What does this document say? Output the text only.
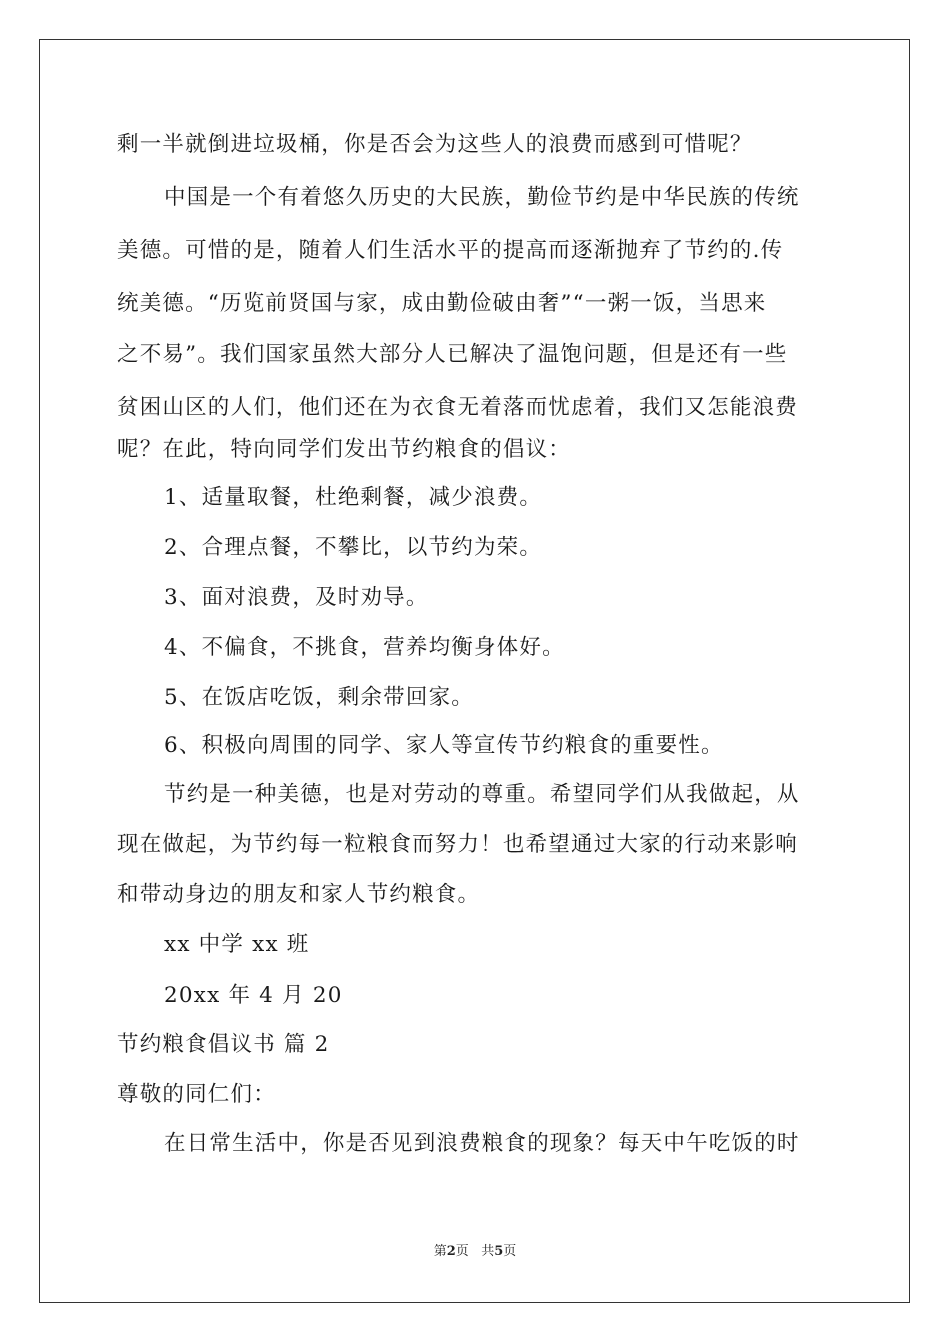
剩一半就倒进垃圾桶，你是否会为这些人的浪费而感到可惜呢？

中国是一个有着悠久历史的大民族，勤俭节约是中华民族的传统

美德。可惜的是，随着人们生活水平的提高而逐渐抛弃了节约的.传

统美德。“历览前贤国与家，成由勤俭破由奢”“一粥一饭，当思来

之不易”。我们国家虽然大部分人已解决了温饱问题，但是还有一些

贫困山区的人们，他们还在为衣食无着落而忧虑着，我们又怎能浪费

呢？在此，特向同学们发出节约粮食的倡议：

1、适量取餐，杜绝剩餐，减少浪费。

2、合理点餐，不攀比，以节约为荣。

3、面对浪费，及时劝导。

4、不偏食，不挑食，营养均衡身体好。

5、在饭店吃饭，剩余带回家。

6、积极向周围的同学、家人等宣传节约粮食的重要性。

节约是一种美德，也是对劳动的尊重。希望同学们从我做起，从

现在做起，为节约每一粒粮食而努力！也希望通过大家的行动来影响

和带动身边的朋友和家人节约粮食。

xx 中学 xx 班

20xx 年 4 月 20

节约粮食倡议书 篇 2

尊敬的同仁们：

在日常生活中，你是否见到浪费粮食的现象？每天中午吃饭的时

第2页   共5页
